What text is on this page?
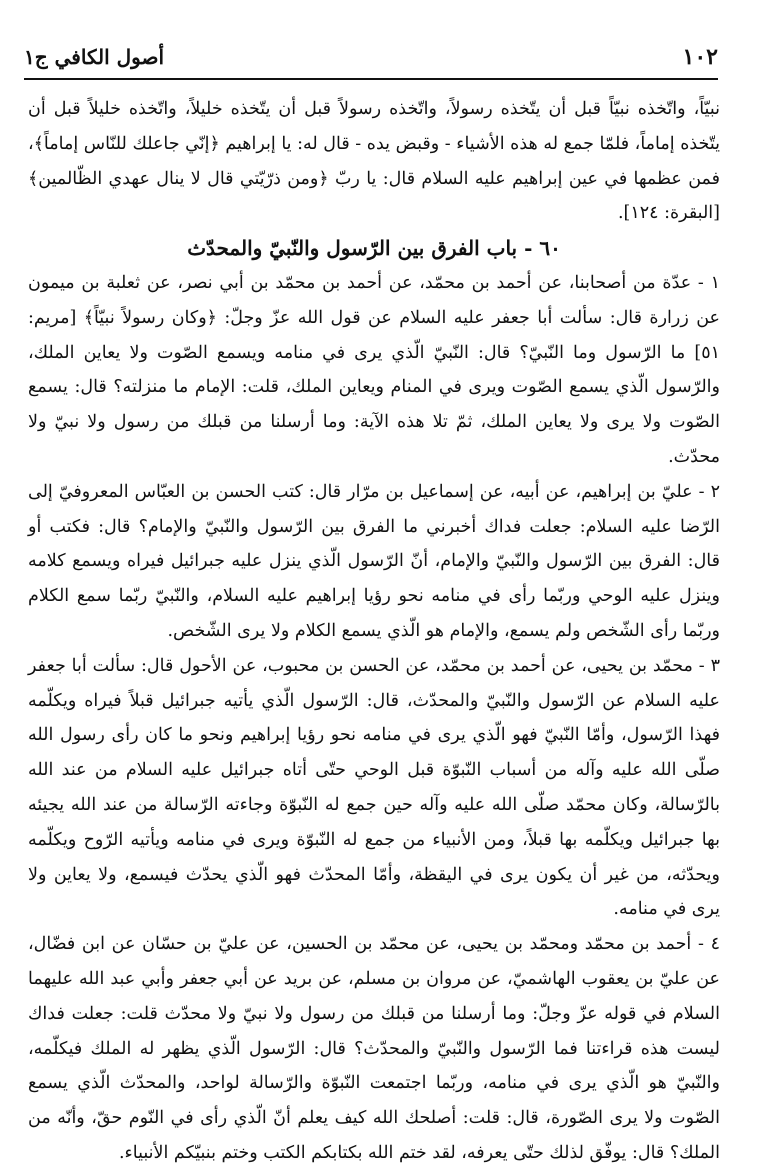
١٠٢
أصول الكافي ج١

نبيّاً، واتّخذه نبيّاً قبل أن يتّخذه رسولاً، واتّخذه رسولاً قبل أن يتّخذه خليلاً، واتّخذه خليلاً قبل أن يتّخذه إماماً، فلمّا جمع له هذه الأشياء - وقبض يده - قال له: يا إبراهيم ﴿إنّي جاعلك للنّاس إماماً﴾، فمن عظمها في عين إبراهيم عليه السلام قال: يا ربّ ﴿ومن ذرّيّتي قال لا ينال عهدي الظّالمين﴾ [البقرة: ١٢٤].

٦٠ - باب الفرق بين الرّسول والنّبيّ والمحدّث

١ - عدّة من أصحابنا، عن أحمد بن محمّد، عن أحمد بن محمّد بن أبي نصر، عن ثعلبة بن ميمون عن زرارة قال: سألت أبا جعفر عليه السلام عن قول الله عزّ وجلّ: ﴿وكان رسولاً نبيّاً﴾ [مريم: ٥١] ما الرّسول وما النّبيّ؟ قال: النّبيّ الّذي يرى في منامه ويسمع الصّوت ولا يعاين الملك، والرّسول الّذي يسمع الصّوت ويرى في المنام ويعاين الملك، قلت: الإمام ما منزلته؟ قال: يسمع الصّوت ولا يرى ولا يعاين الملك، ثمّ تلا هذه الآية: وما أرسلنا من قبلك من رسول ولا نبيّ ولا محدّث.

٢ - عليّ بن إبراهيم، عن أبيه، عن إسماعيل بن مرّار قال: كتب الحسن بن العبّاس المعروفيّ إلى الرّضا عليه السلام: جعلت فداك أخبرني ما الفرق بين الرّسول والنّبيّ والإمام؟ قال: فكتب أو قال: الفرق بين الرّسول والنّبيّ والإمام، أنّ الرّسول الّذي ينزل عليه جبرائيل فيراه ويسمع كلامه وينزل عليه الوحي وربّما رأى في منامه نحو رؤيا إبراهيم عليه السلام، والنّبيّ ربّما سمع الكلام وربّما رأى الشّخص ولم يسمع، والإمام هو الّذي يسمع الكلام ولا يرى الشّخص.

٣ - محمّد بن يحيى، عن أحمد بن محمّد، عن الحسن بن محبوب، عن الأحول قال: سألت أبا جعفر عليه السلام عن الرّسول والنّبيّ والمحدّث، قال: الرّسول الّذي يأتيه جبرائيل قبلاً فيراه ويكلّمه فهذا الرّسول، وأمّا النّبيّ فهو الّذي يرى في منامه نحو رؤيا إبراهيم ونحو ما كان رأى رسول الله صلّى الله عليه وآله من أسباب النّبوّة قبل الوحي حتّى أتاه جبرائيل عليه السلام من عند الله بالرّسالة، وكان محمّد صلّى الله عليه وآله حين جمع له النّبوّة وجاءته الرّسالة من عند الله يجيئه بها جبرائيل ويكلّمه بها قبلاً، ومن الأنبياء من جمع له النّبوّة ويرى في منامه ويأتيه الرّوح ويكلّمه ويحدّثه، من غير أن يكون يرى في اليقظة، وأمّا المحدّث فهو الّذي يحدّث فيسمع، ولا يعاين ولا يرى في منامه.

٤ - أحمد بن محمّد ومحمّد بن يحيى، عن محمّد بن الحسين، عن عليّ بن حسّان عن ابن فضّال، عن عليّ بن يعقوب الهاشميّ، عن مروان بن مسلم، عن بريد عن أبي جعفر وأبي عبد الله عليهما السلام في قوله عزّ وجلّ: وما أرسلنا من قبلك من رسول ولا نبيّ ولا محدّث قلت: جعلت فداك ليست هذه قراءتنا فما الرّسول والنّبيّ والمحدّث؟ قال: الرّسول الّذي يظهر له الملك فيكلّمه، والنّبيّ هو الّذي يرى في منامه، وربّما اجتمعت النّبوّة والرّسالة لواحد، والمحدّث الّذي يسمع الصّوت ولا يرى الصّورة، قال: قلت: أصلحك الله كيف يعلم أنّ الّذي رأى في النّوم حقّ، وأنّه من الملك؟ قال: يوفّق لذلك حتّى يعرفه، لقد ختم الله بكتابكم الكتب وختم بنبيّكم الأنبياء.
